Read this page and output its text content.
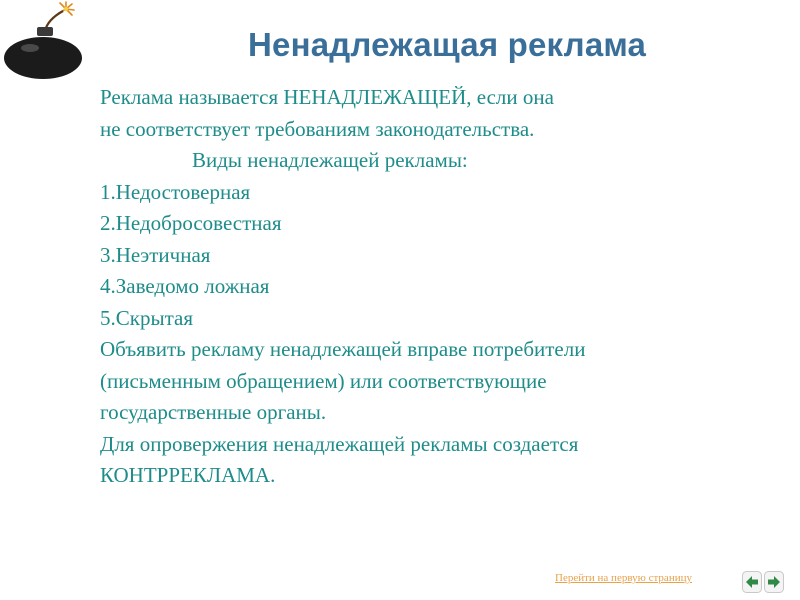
Ненадлежащая реклама
Реклама называется НЕНАДЛЕЖАЩЕЙ, если она
не соответствует требованиям законодательства.
Виды ненадлежащей рекламы:
1.Недостоверная
2.Недобросовестная
3.Неэтичная
4.Заведомо ложная
5.Скрытая
Объявить рекламу ненадлежащей вправе потребители
(письменным обращением) или соответствующие
государственные органы.
Для опровержения ненадлежащей рекламы создается
КОНТРРЕКЛАМА.
Перейти на первую страницу
